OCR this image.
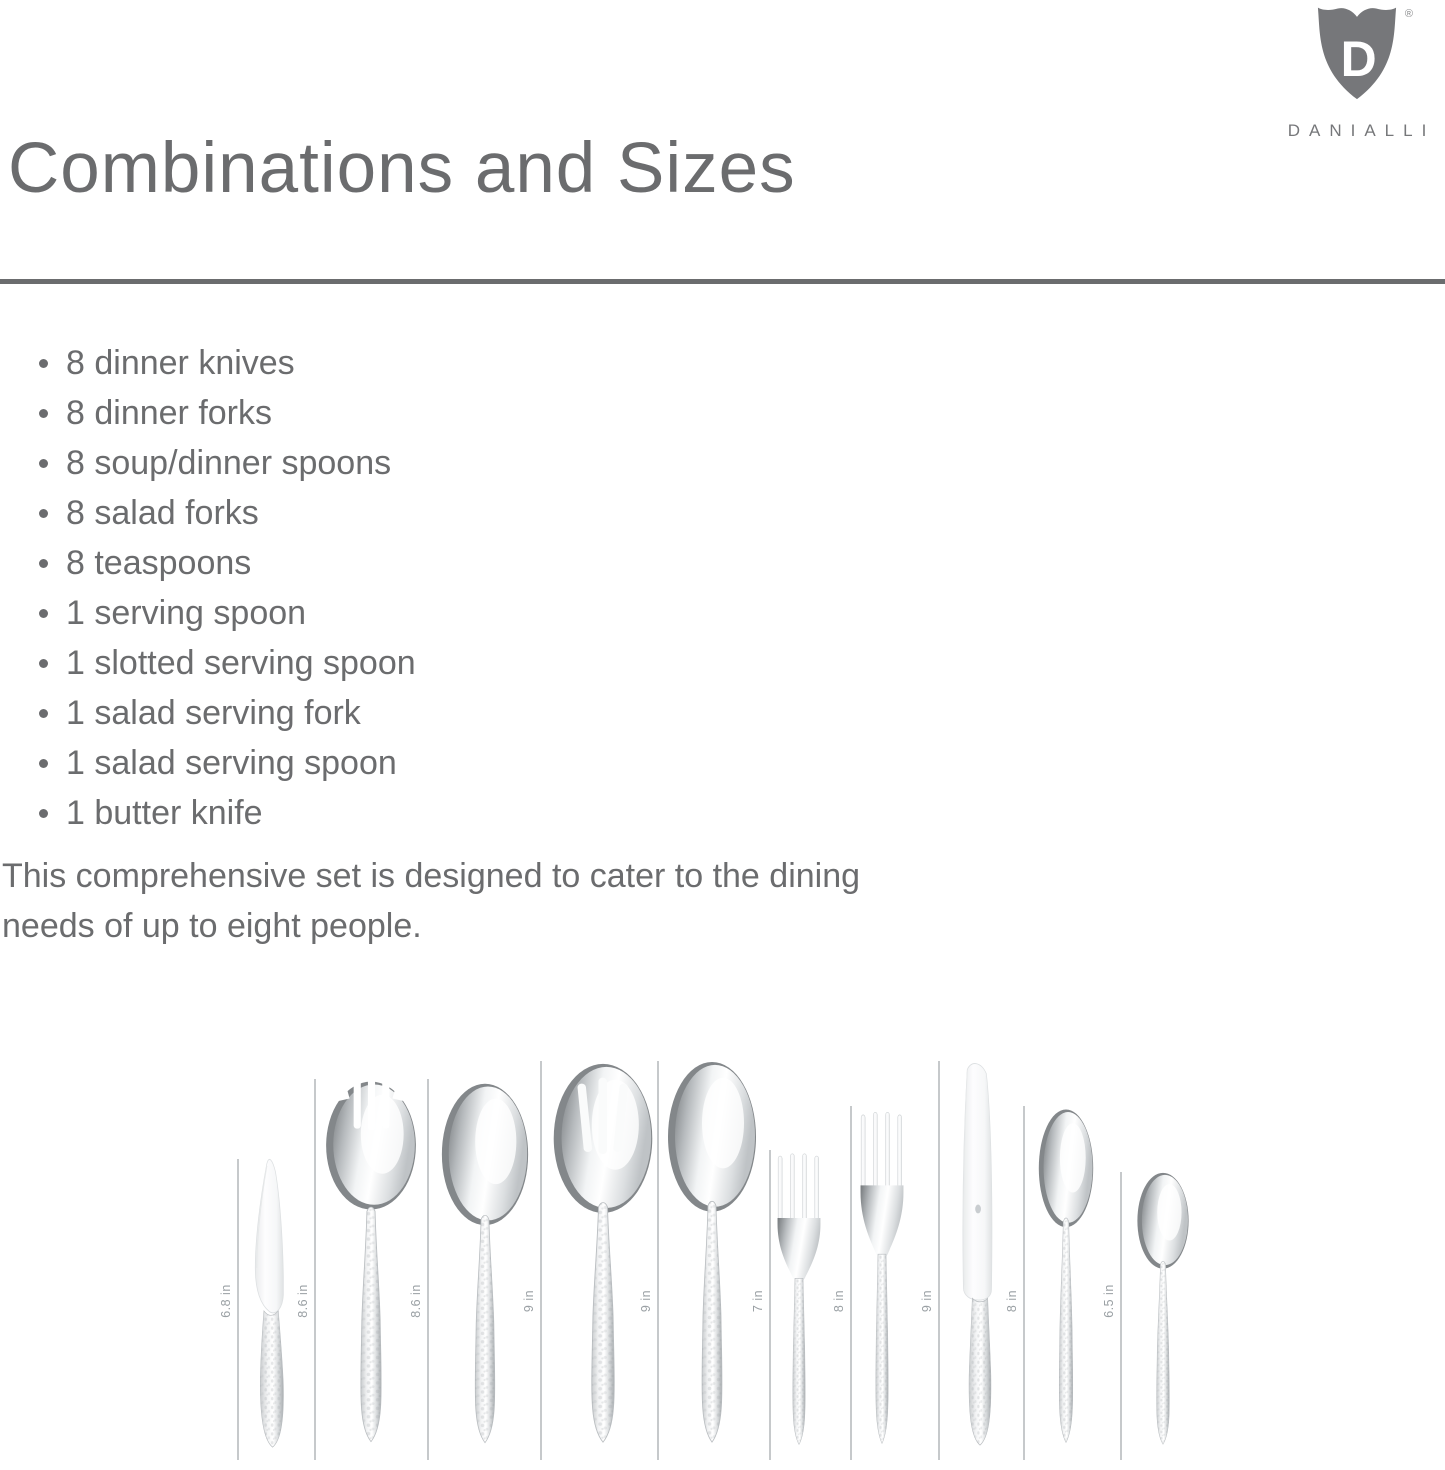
D
®
DANIALLI
Combinations and Sizes
8 dinner knives
8 dinner forks
8 soup/dinner spoons
8 salad forks
8 teaspoons
1 serving spoon
1 slotted serving spoon
1 salad serving fork
1 salad serving spoon
1 butter knife

This comprehensive set is designed to cater to the dining needs of up to eight people.

6.8 in	8.6 in	8.6 in	9 in	9 in	7 in	8 in	9 in	8 in	6.5 in
